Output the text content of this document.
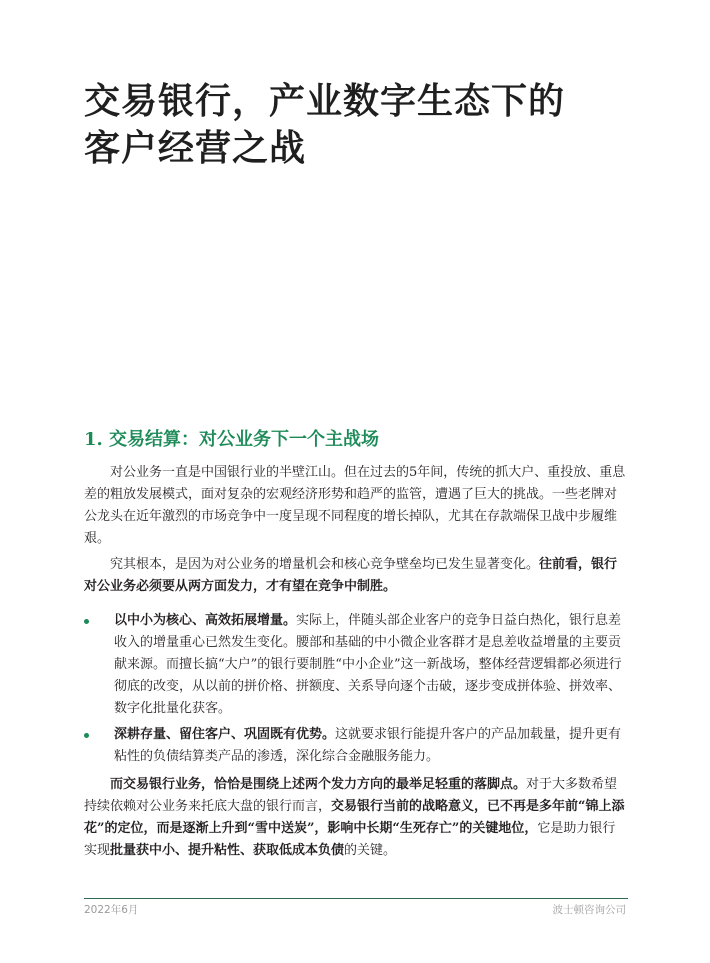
交易银行，产业数字生态下的
客户经营之战
1. 交易结算：对公业务下一个主战场

对公业务一直是中国银行业的半壁江山。但在过去的5年间，传统的抓大户、重投放、重息差的粗放发展模式，面对复杂的宏观经济形势和趋严的监管，遭遇了巨大的挑战。一些老牌对公龙头在近年激烈的市场竞争中一度呈现不同程度的增长掉队，尤其在存款端保卫战中步履维艰。

究其根本，是因为对公业务的增量机会和核心竞争壁垒均已发生显著变化。往前看，银行对公业务必须要从两方面发力，才有望在竞争中制胜。

以中小为核心、高效拓展增量。实际上，伴随头部企业客户的竞争日益白热化，银行息差收入的增量重心已然发生变化。腰部和基础的中小微企业客群才是息差收益增量的主要贡献来源。而擅长搞“大户”的银行要制胜“中小企业”这一新战场，整体经营逻辑都必须进行彻底的改变，从以前的拼价格、拼额度、关系导向逐个击破，逐步变成拼体验、拼效率、数字化批量化获客。
深耕存量、留住客户、巩固既有优势。这就要求银行能提升客户的产品加载量，提升更有粘性的负债结算类产品的渗透，深化综合金融服务能力。

而交易银行业务，恰恰是围绕上述两个发力方向的最举足轻重的落脚点。对于大多数希望持续依赖对公业务来托底大盘的银行而言，交易银行当前的战略意义，已不再是多年前“锦上添花”的定位，而是逐渐上升到“雪中送炭”，影响中长期“生死存亡”的关键地位，它是助力银行实现批量获中小、提升粘性、获取低成本负债的关键。

2022年6月	波士顿咨询公司
